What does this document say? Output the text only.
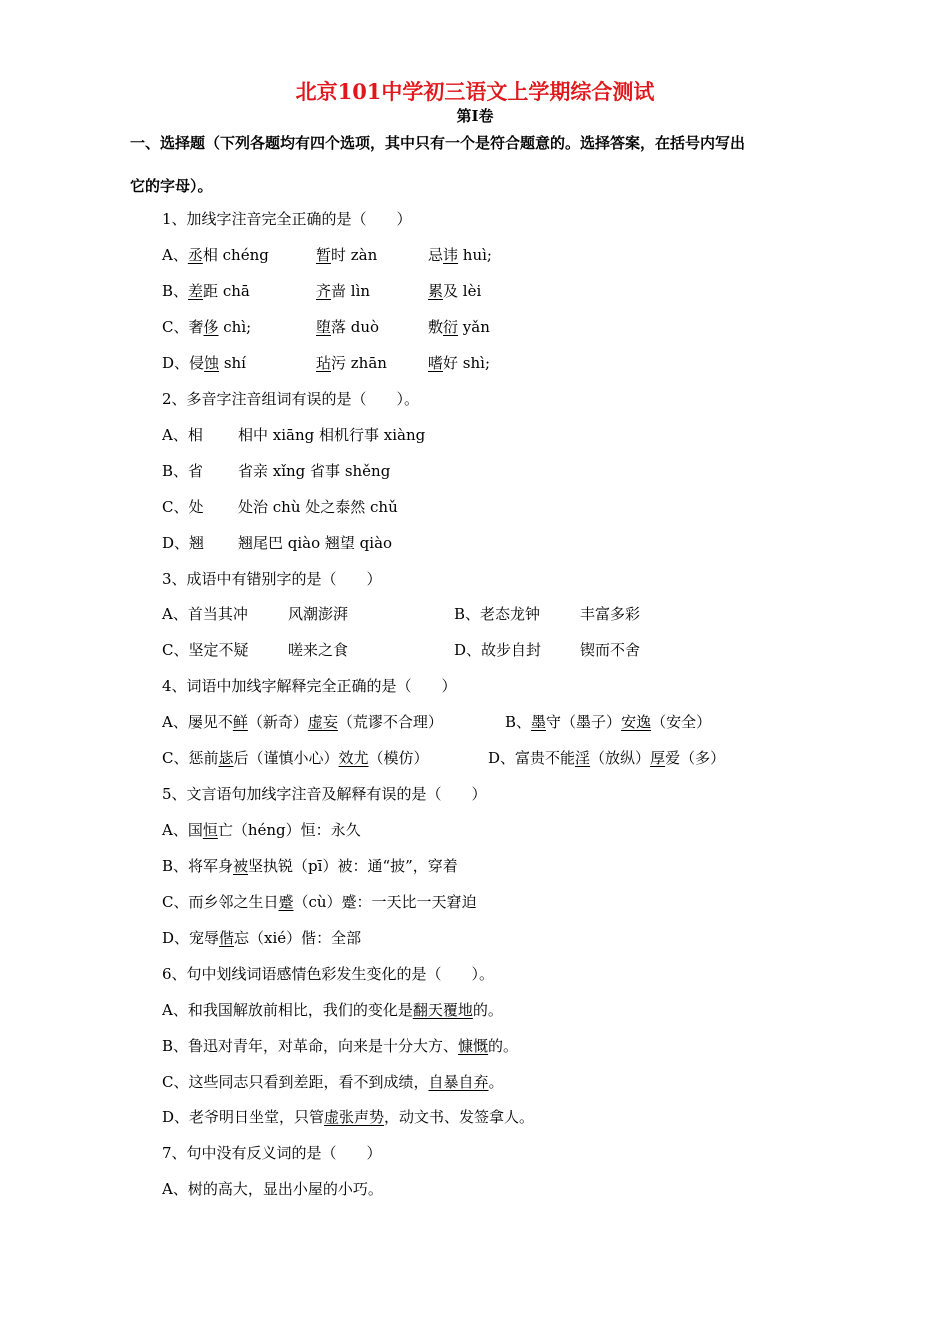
北京101中学初三语文上学期综合测试
第Ⅰ卷
一、选择题（下列各题均有四个选项，其中只有一个是符合题意的。选择答案，在括号内写出
它的字母）。
1、加线字注音完全正确的是（　　）
A、丞相 chéng	暂时 zàn	忌讳 huì;
B、差距 chā	齐啬 lìn	累及 lèi
C、奢侈 chì;	堕落 duò	敷衍 yǎn
D、侵蚀 shí	玷污 zhān	嗜好 shì;
2、多音字注音组词有误的是（　　）。
A、相 相中 xiāng 相机行事 xiàng
B、省 省亲 xǐng 省事 shěng
C、处 处治 chù 处之泰然 chǔ
D、翘 翘尾巴 qiào 翘望 qiào
3、成语中有错别字的是（　　）
A、首当其冲	风潮澎湃	B、老态龙钟	丰富多彩
C、坚定不疑	嗟来之食	D、故步自封	锲而不舍
4、词语中加线字解释完全正确的是（　　）
A、屡见不鲜（新奇）虚妄（荒谬不合理）	B、墨守（墨子）安逸（安全）
C、惩前毖后（谨慎小心）效尤（模仿）	D、富贵不能淫（放纵）厚爱（多）
5、文言语句加线字注音及解释有误的是（　　）
A、国恒亡（héng）恒：永久
B、将军身被坚执锐（pī）被：通“披”，穿着
C、而乡邻之生日蹙（cù）蹙：一天比一天窘迫
D、宠辱偕忘（xié）偕：全部
6、句中划线词语感情色彩发生变化的是（　　）。
A、和我国解放前相比，我们的变化是翻天覆地的。
B、鲁迅对青年，对革命，向来是十分大方、慷慨的。
C、这些同志只看到差距，看不到成绩，自暴自弃。
D、老爷明日坐堂，只管虚张声势，动文书、发签拿人。
7、句中没有反义词的是（　　）
A、树的高大，显出小屋的小巧。
